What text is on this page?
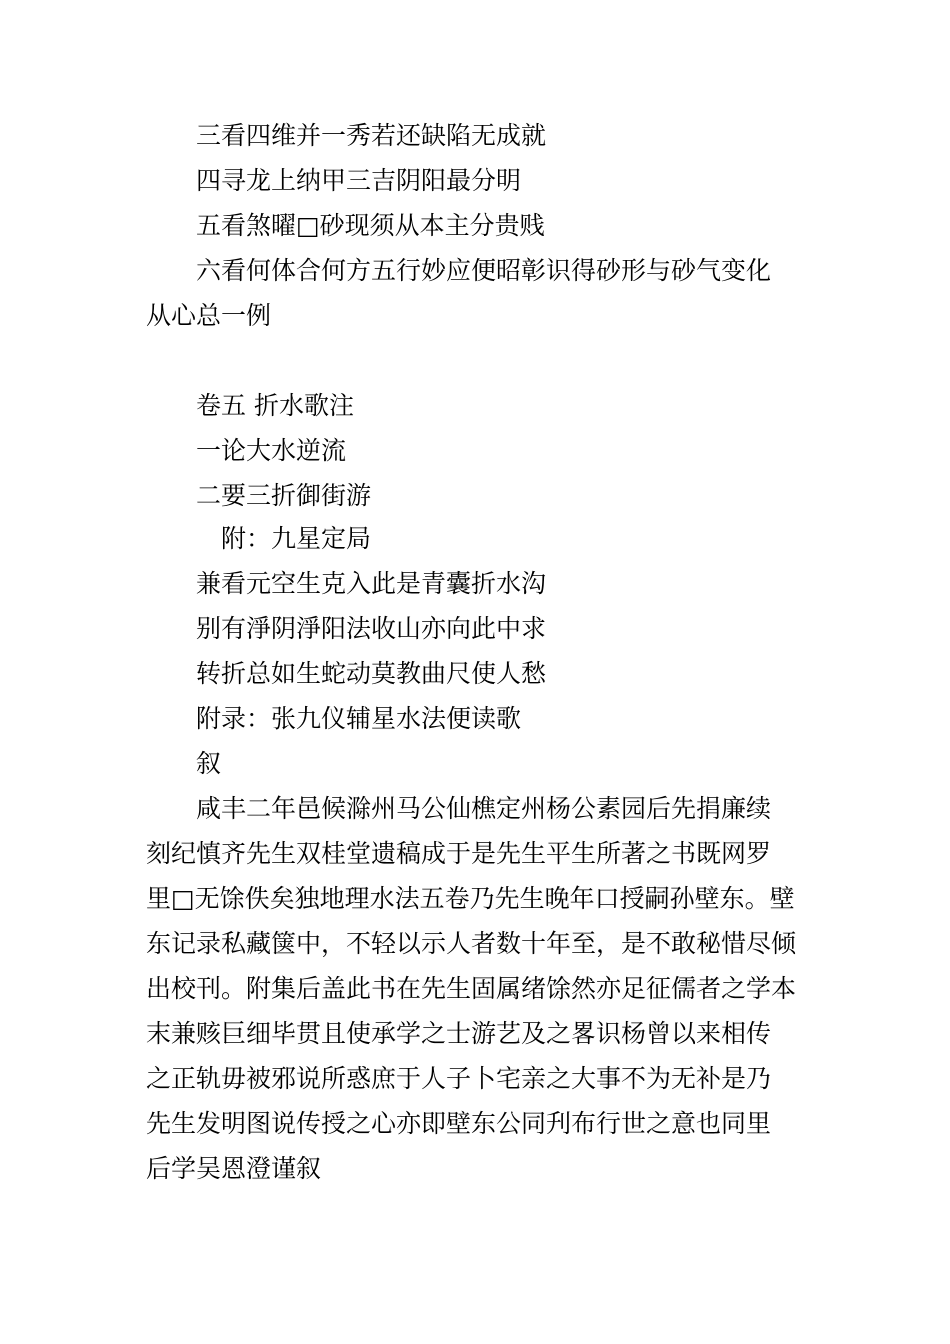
三看四维并一秀若还缺陷无成就
四寻龙上纳甲三吉阴阳最分明
五看煞曜□砂现须从本主分贵贱
六看何体合何方五行妙应便昭彰识得砂形与砂气变化
从心总一例
卷五 折水歌注
一论大水逆流
二要三折御街游
附：九星定局
兼看元空生克入此是青囊折水沟
别有淨阴淨阳法收山亦向此中求
转折总如生蛇动莫教曲尺使人愁
附录：张九仪辅星水法便读歌
叙
咸丰二年邑候滁州马公仙樵定州杨公素园后先捐廉续
刻纪慎齐先生双桂堂遗稿成于是先生平生所著之书既网罗
里□无馀佚矣独地理水法五卷乃先生晚年口授嗣孙壁东。壁
东记录私藏箧中，不轻以示人者数十年至，是不敢秘惜尽倾
出校刊。附集后盖此书在先生固属绪馀然亦足征儒者之学本
末兼赅巨细毕贯且使承学之士游艺及之畧识杨曾以来相传
之正轨毋被邪说所惑庶于人子卜宅亲之大事不为无补是乃
先生发明图说传授之心亦即壁东公同刋布行世之意也同里
后学吴恩澄谨叙
